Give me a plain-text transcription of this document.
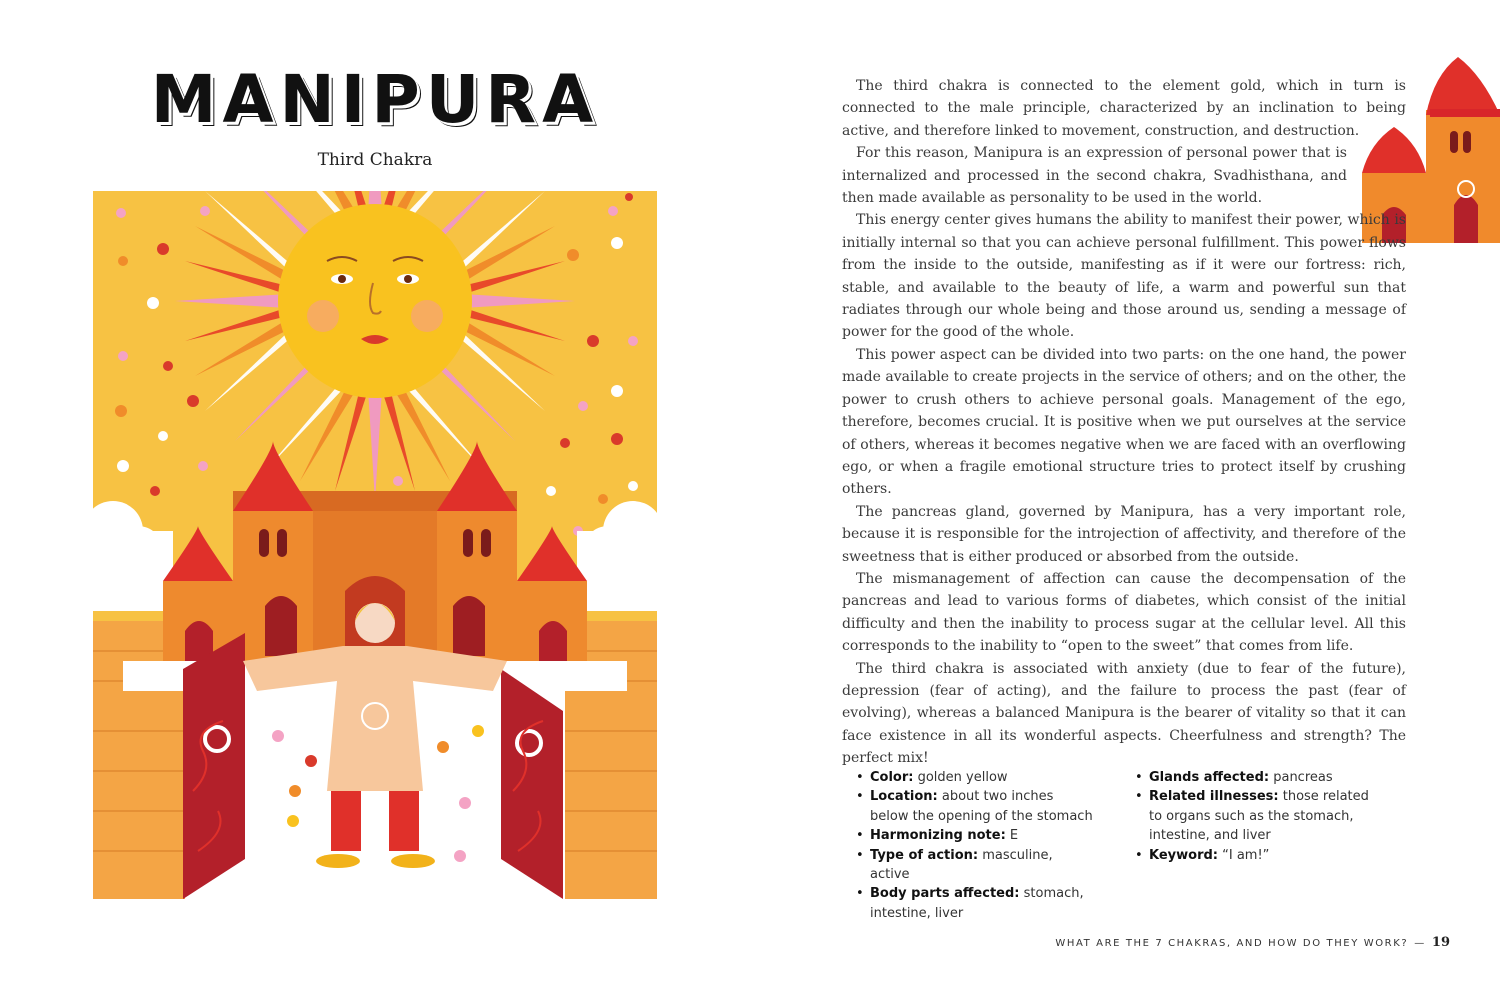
MANIPURA
Third Chakra

The third chakra is connected to the element gold, which in turn is connected to the male principle, characterized by an inclination to being active, and therefore linked to movement, construction, and destruction.

For this reason, Manipura is an expression of personal power that is internalized and processed in the second chakra, Svadhisthana, and then made available as personality to be used in the world.

This energy center gives humans the ability to manifest their power, which is initially internal so that you can achieve personal fulfillment. This power flows from the inside to the outside, manifesting as if it were our fortress: rich, stable, and available to the beauty of life, a warm and powerful sun that radiates through our whole being and those around us, sending a message of power for the good of the whole.

This power aspect can be divided into two parts: on the one hand, the power made available to create projects in the service of others; and on the other, the power to crush others to achieve personal goals. Management of the ego, therefore, becomes crucial. It is positive when we put ourselves at the service of others, whereas it becomes negative when we are faced with an overflowing ego, or when a fragile emotional structure tries to protect itself by crushing others.

The pancreas gland, governed by Manipura, has a very important role, because it is responsible for the introjection of affectivity, and therefore of the sweetness that is either produced or absorbed from the outside.

The mismanagement of affection can cause the decompensation of the pancreas and lead to various forms of diabetes, which consist of the initial difficulty and then the inability to process sugar at the cellular level. All this corresponds to the inability to “open to the sweet” that comes from life.

The third chakra is associated with anxiety (due to fear of the future), depression (fear of acting), and the failure to process the past (fear of evolving), whereas a balanced Manipura is the bearer of vitality so that it can face existence in all its wonderful aspects. Cheerfulness and strength? The perfect mix!

• Color: golden yellow
• Location: about two inches below the opening of the stomach
• Harmonizing note: E
• Type of action: masculine, active
• Body parts affected: stomach, intestine, liver
• Glands affected: pancreas
• Related illnesses: those related to organs such as the stomach, intestine, and liver
• Keyword: “I am!”
WHAT ARE THE 7 CHAKRAS, AND HOW DO THEY WORK? — 19
